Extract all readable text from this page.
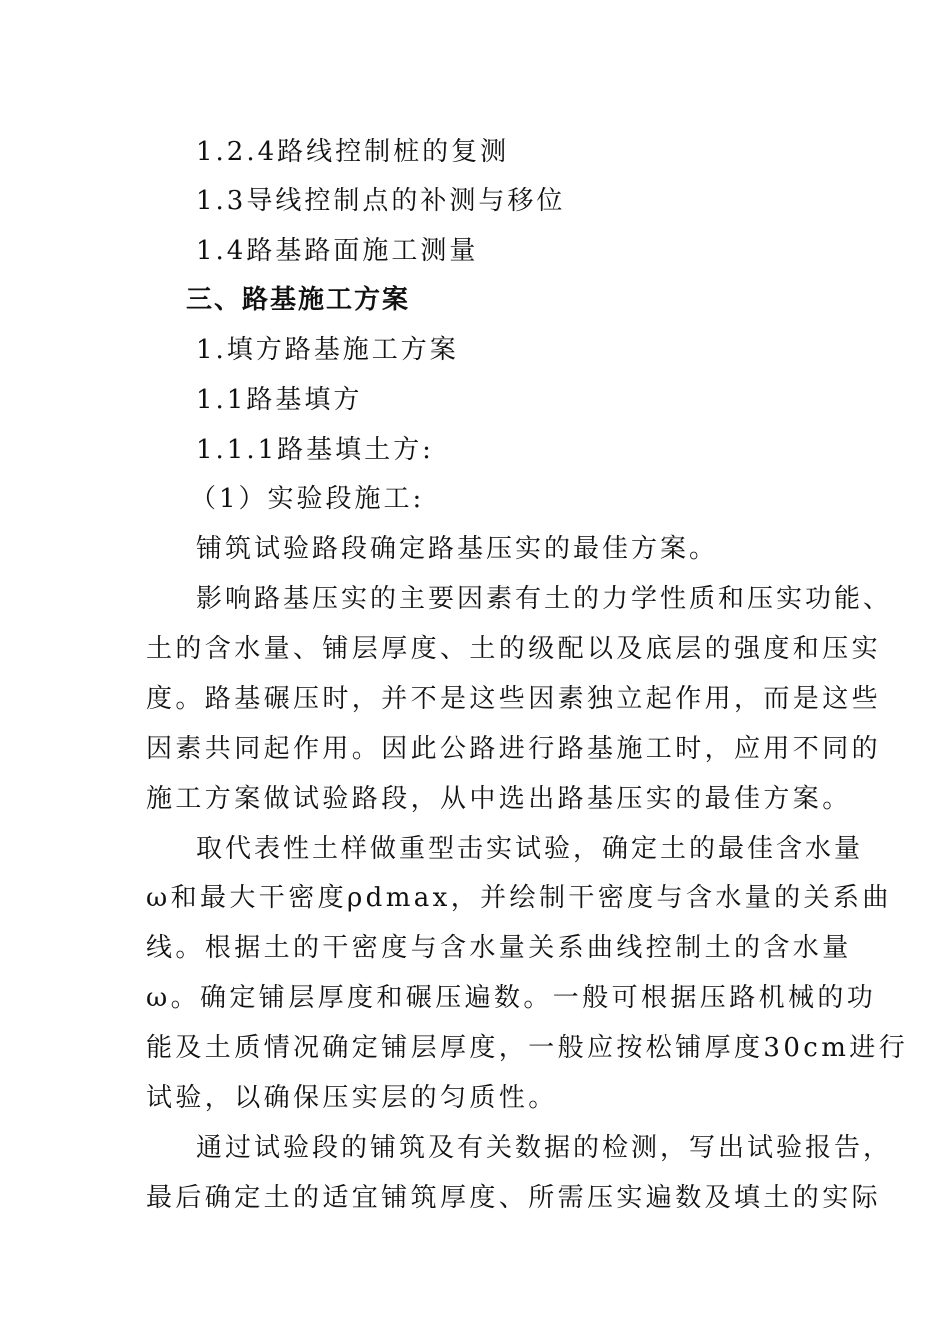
1.2.4路线控制桩的复测
1.3导线控制点的补测与移位
1.4路基路面施工测量
三、路基施工方案
1.填方路基施工方案
1.1路基填方
1.1.1路基填土方:
（1）实验段施工:
铺筑试验路段确定路基压实的最佳方案。
影响路基压实的主要因素有土的力学性质和压实功能、
土的含水量、铺层厚度、土的级配以及底层的强度和压实
度。路基碾压时，并不是这些因素独立起作用，而是这些
因素共同起作用。因此公路进行路基施工时，应用不同的
施工方案做试验路段，从中选出路基压实的最佳方案。
取代表性土样做重型击实试验，确定土的最佳含水量
ω和最大干密度ρdmax，并绘制干密度与含水量的关系曲
线。根据土的干密度与含水量关系曲线控制土的含水量
ω。确定铺层厚度和碾压遍数。一般可根据压路机械的功
能及土质情况确定铺层厚度，一般应按松铺厚度30cm进行
试验，以确保压实层的匀质性。
通过试验段的铺筑及有关数据的检测，写出试验报告，
最后确定土的适宜铺筑厚度、所需压实遍数及填土的实际
